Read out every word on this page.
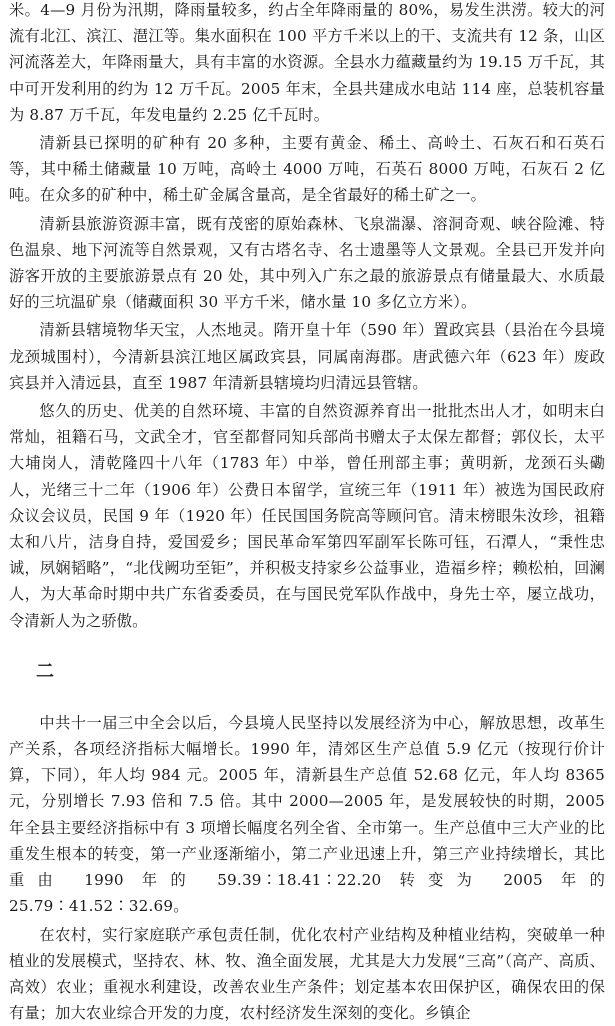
米。4—9 月份为汛期，降雨量较多，约占全年降雨量的 80%，易发生洪涝。较大的河流有北江、滨江、潖江等。集水面积在 100 平方千米以上的干、支流共有 12 条，山区河流落差大，年降雨量大，具有丰富的水资源。全县水力蕴藏量约为 19.15 万千瓦，其中可开发利用的约为 12 万千瓦。2005 年末，全县共建成水电站 114 座，总装机容量为 8.87 万千瓦，年发电量约 2.25 亿千瓦时。

清新县已探明的矿种有 20 多种，主要有黄金、稀土、高岭土、石灰石和石英石等，其中稀土储藏量 10 万吨，高岭土 4000 万吨，石英石 8000 万吨，石灰石 2 亿吨。在众多的矿种中，稀土矿金属含量高，是全省最好的稀土矿之一。

清新县旅游资源丰富，既有茂密的原始森林、飞泉湍瀑、溶洞奇观、峡谷险滩、特色温泉、地下河流等自然景观，又有古塔名寺、名士遗墨等人文景观。全县已开发并向游客开放的主要旅游景点有 20 处，其中列入广东之最的旅游景点有储量最大、水质最好的三坑温矿泉（储藏面积 30 平方千米，储水量 10 多亿立方米）。

清新县辖境物华天宝，人杰地灵。隋开皇十年（590 年）置政宾县（县治在今县境龙颈城围村），今清新县滨江地区属政宾县，同属南海郡。唐武德六年（623 年）废政宾县并入清远县，直至 1987 年清新县辖境均归清远县管辖。

悠久的历史、优美的自然环境、丰富的自然资源养育出一批批杰出人才，如明末白常灿，祖籍石马，文武全才，官至都督同知兵部尚书赠太子太保左都督；郭仪长，太平大埔岗人，清乾隆四十八年（1783 年）中举，曾任刑部主事；黄明新，龙颈石头磡人，光绪三十二年（1906 年）公费日本留学，宣统三年（1911 年）被选为国民政府众议会议员，民国 9 年（1920 年）任民国国务院高等顾问官。清末榜眼朱汝珍，祖籍太和八片，洁身自持，爱国爱乡；国民革命军第四军副军长陈可钰，石潭人，“秉性忠诚，夙娴韬略”，“北伐阙功至钜”，并积极支持家乡公益事业，造福乡梓；赖松柏，回澜人，为大革命时期中共广东省委委员，在与国民党军队作战中，身先士卒，屡立战功，令清新人为之骄傲。

二

中共十一届三中全会以后，今县境人民坚持以发展经济为中心，解放思想，改革生产关系，各项经济指标大幅增长。1990 年，清郊区生产总值 5.9 亿元（按现行价计算，下同），年人均 984 元。2005 年，清新县生产总值 52.68 亿元，年人均 8365 元，分别增长 7.93 倍和 7.5 倍。其中 2000—2005 年，是发展较快的时期，2005 年全县主要经济指标中有 3 项增长幅度名列全省、全市第一。生产总值中三大产业的比重发生根本的转变，第一产业逐渐缩小，第二产业迅速上升，第三产业持续增长，其比重由 1990 年的 59.39∶18.41∶22.20 转变为 2005 年的 25.79∶41.52∶32.69。

在农村，实行家庭联产承包责任制，优化农村产业结构及种植业结构，突破单一种植业的发展模式，坚持农、林、牧、渔全面发展，尤其是大力发展“三高”（高产、高质、高效）农业；重视水利建设，改善农业生产条件；划定基本农田保护区，确保农田的保有量；加大农业综合开发的力度，农村经济发生深刻的变化。乡镇企
